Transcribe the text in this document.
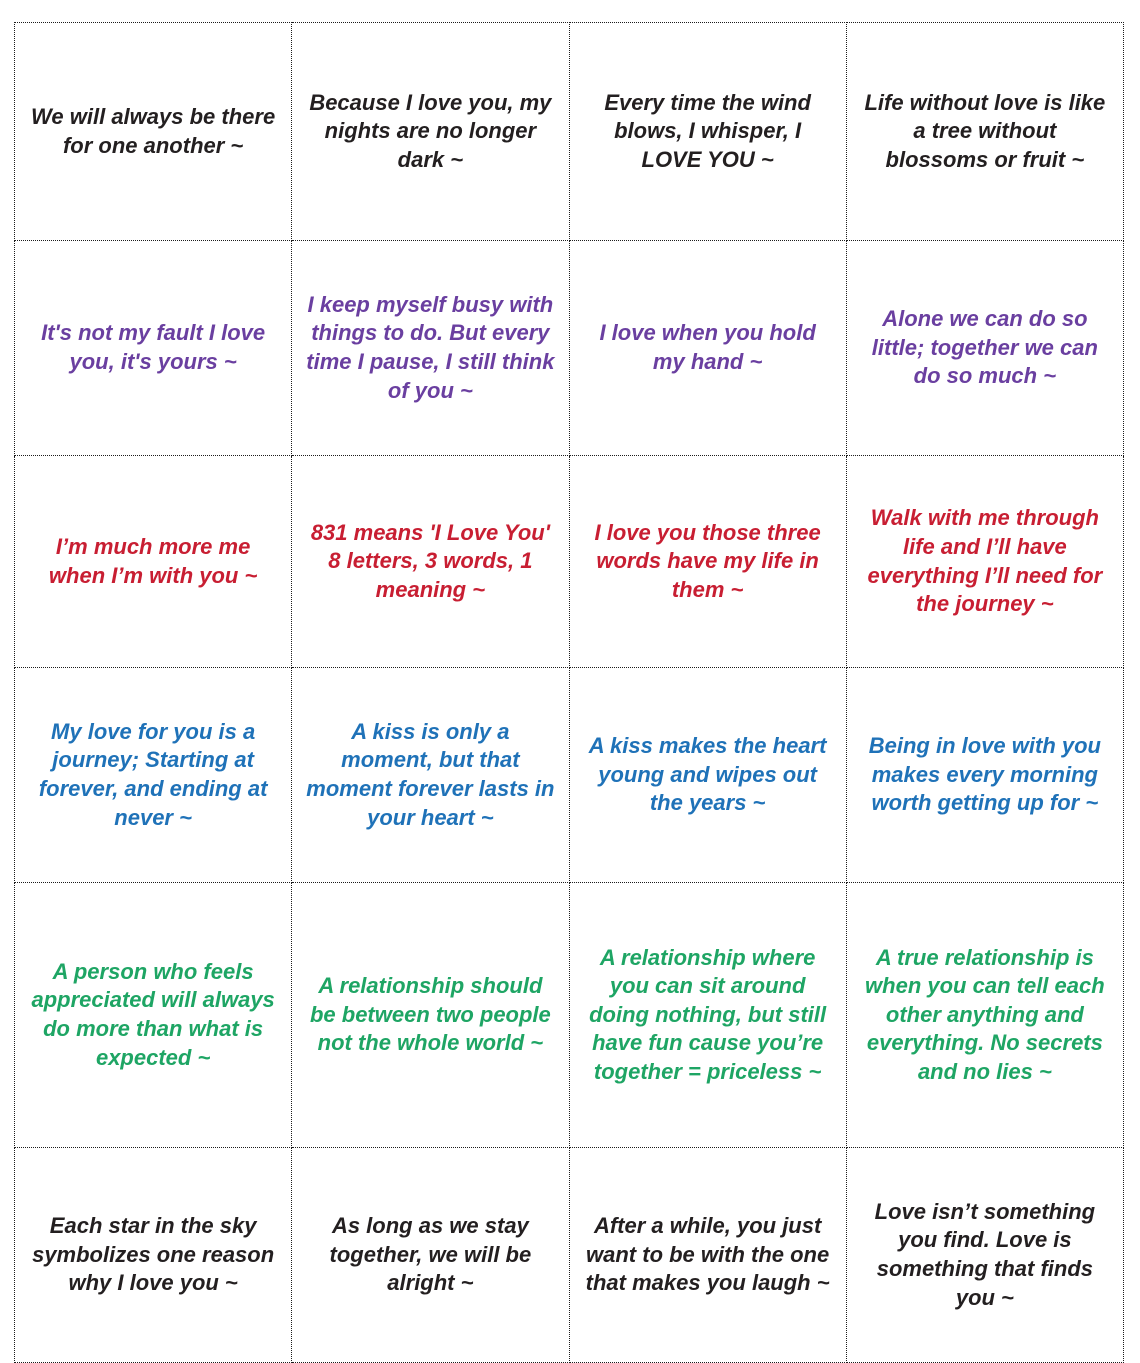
We will always be there for one another ~	Because I love you, my nights are no longer dark ~	Every time the wind blows, I whisper, I LOVE YOU ~	Life without love is like a tree without blossoms or fruit ~
It's not my fault I love you, it's yours ~	I keep myself busy with things to do. But every time I pause, I still think of you ~	I love when you hold my hand ~	Alone we can do so little; together we can do so much ~
I’m much more me when I’m with you ~	831 means 'I Love You' 8 letters, 3 words, 1 meaning ~	I love you those three words have my life in them ~	Walk with me through life and I’ll have everything I’ll need for the journey ~
My love for you is a journey; Starting at forever, and ending at never ~	A kiss is only a moment, but that moment forever lasts in your heart ~	A kiss makes the heart young and wipes out the years ~	Being in love with you makes every morning worth getting up for ~
A person who feels appreciated will always do more than what is expected ~	A relationship should be between two people not the whole world ~	A relationship where you can sit around doing nothing, but still have fun cause you’re together = priceless ~	A true relationship is when you can tell each other anything and everything. No secrets and no lies ~
Each star in the sky symbolizes one reason why I love you ~	As long as we stay together, we will be alright ~	After a while, you just want to be with the one that makes you laugh ~	Love isn’t something you find. Love is something that finds you ~
